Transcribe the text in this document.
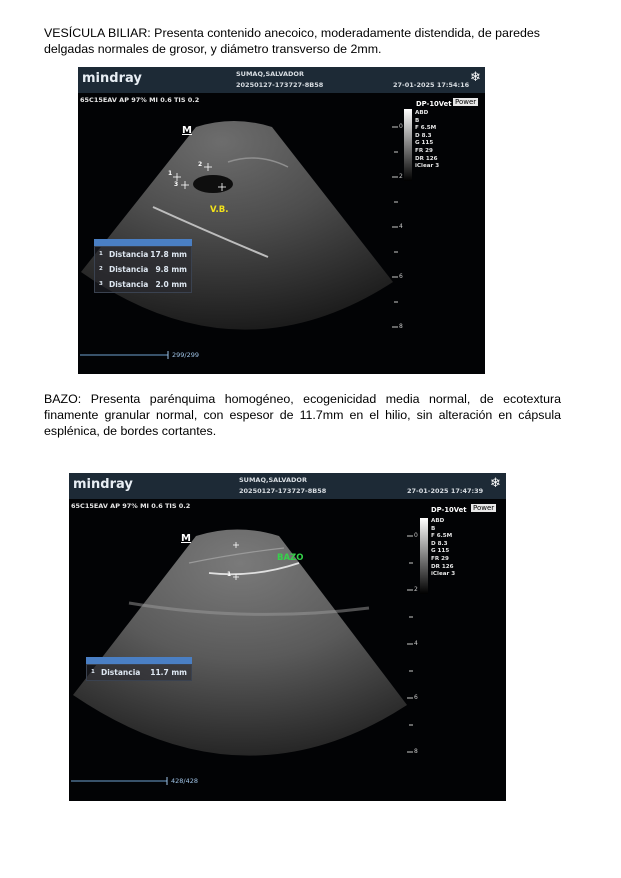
VESÍCULA BILIAR: Presenta contenido anecoico, moderadamente distendida, de paredes
delgadas normales de grosor, y diámetro transverso de 2mm.
mindray	SUMAQ,SALVADOR
20250127-173727-8B58	27-01-2025 17:54:16 ❄
65C15EAV AP 97% MI 0.6 TIS 0.2
M
1
2
3
V.B.
1 Distancia 17.8 mm
2 Distancia 9.8 mm
3 Distancia 2.0 mm
DP-10Vet Power
ABD
B
F 6.5M
D 8.3
G 115
FR 29
DR 126
iClear 3
0
2
4
6
8
299/299
BAZO: Presenta parénquima homogéneo, ecogenicidad media normal, de ecotextura
finamente granular normal, con espesor de 11.7mm en el hilio, sin alteración en cápsula
esplénica, de bordes cortantes.
mindray	SUMAQ,SALVADOR
20250127-173727-8B58	27-01-2025 17:47:39 ❄
65C15EAV AP 97% MI 0.6 TIS 0.2
M
1
BAZO
1 Distancia 11.7 mm
DP-10Vet Power
ABD
B
F 6.5M
D 8.3
G 115
FR 29
DR 126
iClear 3
0
2
4
6
8
428/428
